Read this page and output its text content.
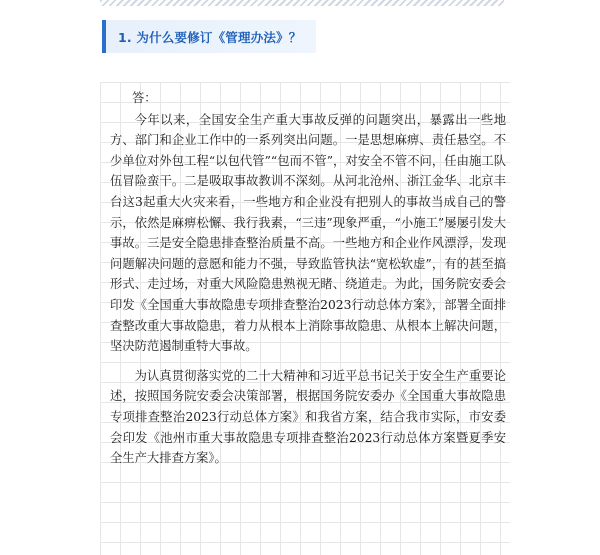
1. 为什么要修订《管理办法》？
答：

今年以来，全国安全生产重大事故反弹的问题突出，暴露出一些地方、部门和企业工作中的一系列突出问题。一是思想麻痹、责任悬空。不少单位对外包工程“以包代管”“包而不管”，对安全不管不问，任由施工队伍冒险蛮干。二是吸取事故教训不深刻。从河北沧州、浙江金华、北京丰台这3起重大火灾来看，一些地方和企业没有把别人的事故当成自己的警示，依然是麻痹松懈、我行我素，“三违”现象严重，“小施工”屡屡引发大事故。三是安全隐患排查整治质量不高。一些地方和企业作风漂浮，发现问题解决问题的意愿和能力不强，导致监管执法“宽松软虚”，有的甚至搞形式、走过场，对重大风险隐患熟视无睹、绕道走。为此，国务院安委会印发《全国重大事故隐患专项排查整治2023行动总体方案》，部署全面排查整改重大事故隐患，着力从根本上消除事故隐患、从根本上解决问题，坚决防范遏制重特大事故。

为认真贯彻落实党的二十大精神和习近平总书记关于安全生产重要论述，按照国务院安委会决策部署，根据国务院安委办《全国重大事故隐患专项排查整治2023行动总体方案》和我省方案，结合我市实际，市安委会印发《池州市重大事故隐患专项排查整治2023行动总体方案暨夏季安全生产大排查方案》。
